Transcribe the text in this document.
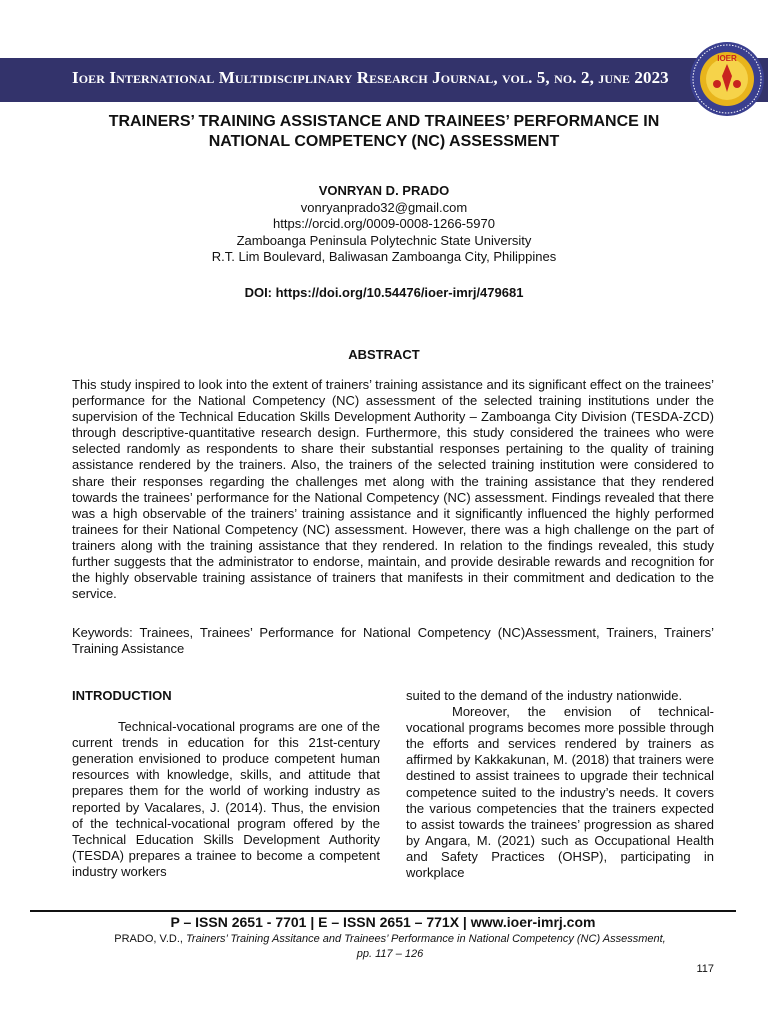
Ioer International Multidisciplinary Research Journal, vol. 5, no. 2, june 2023
IOER
TRAINERS’ TRAINING ASSISTANCE AND TRAINEES’ PERFORMANCE IN
NATIONAL COMPETENCY (NC) ASSESSMENT
VONRYAN D. PRADO
vonryanprado32@gmail.com
https://orcid.org/0009-0008-1266-5970
Zamboanga Peninsula Polytechnic State University
R.T. Lim Boulevard, Baliwasan Zamboanga City, Philippines
DOI: https://doi.org/10.54476/ioer-imrj/479681
ABSTRACT
This study inspired to look into the extent of trainers’ training assistance and its significant effect on the trainees’ performance for the National Competency (NC) assessment of the selected training institutions under the supervision of the Technical Education Skills Development Authority – Zamboanga City Division (TESDA-ZCD) through descriptive-quantitative research design. Furthermore, this study considered the trainees who were selected randomly as respondents to share their substantial responses pertaining to the quality of training assistance rendered by the trainers. Also, the trainers of the selected training institution were considered to share their responses regarding the challenges met along with the training assistance that they rendered towards the trainees’ performance for the National Competency (NC) assessment. Findings revealed that there was a high observable of the trainers’ training assistance and it significantly influenced the highly performed trainees for their National Competency (NC) assessment. However, there was a high challenge on the part of trainers along with the training assistance that they rendered. In relation to the findings revealed, this study further suggests that the administrator to endorse, maintain, and provide desirable rewards and recognition for the highly observable training assistance of trainers that manifests in their commitment and dedication to the service.
Keywords: Trainees, Trainees’ Performance for National Competency (NC)Assessment, Trainers, Trainers’ Training Assistance
INTRODUCTION

Technical-vocational programs are one of the current trends in education for this 21st-century generation envisioned to produce competent human resources with knowledge, skills, and attitude that prepares them for the world of working industry as reported by Vacalares, J. (2014). Thus, the envision of the technical-vocational program offered by the Technical Education Skills Development Authority (TESDA) prepares a trainee to become a competent industry workers

suited to the demand of the industry nationwide.

Moreover, the envision of technical-vocational programs becomes more possible through the efforts and services rendered by trainers as affirmed by Kakkakunan, M. (2018) that trainers were destined to assist trainees to upgrade their technical competence suited to the industry’s needs. It covers the various competencies that the trainers expected to assist towards the trainees’ progression as shared by Angara, M. (2021) such as Occupational Health and Safety Practices (OHSP), participating in workplace

P – ISSN 2651 - 7701 | E – ISSN 2651 – 771X | www.ioer-imrj.com
PRADO, V.D., Trainers’ Training Assitance and Trainees’ Performance in National Competency (NC) Assessment,
pp. 117 – 126
117
